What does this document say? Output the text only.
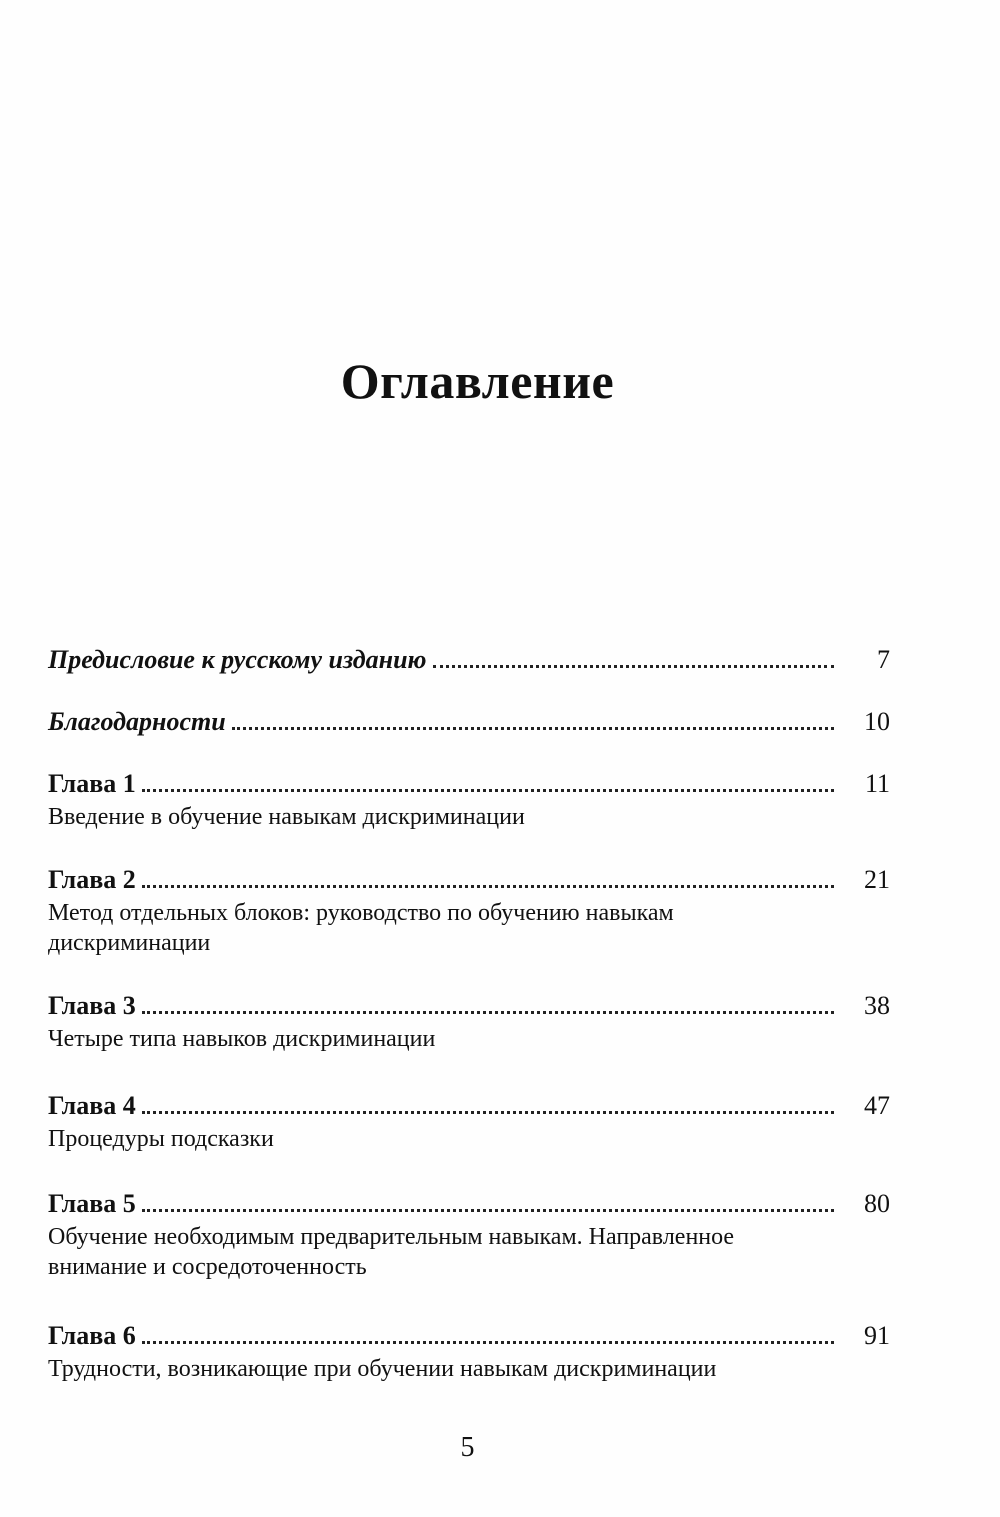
Оглавление
Предисловие к русскому изданию	7
Благодарности	10
Глава 1	11

Введение в обучение навыкам дискриминации

Глава 2	21

Метод отдельных блоков: руководство по обучению навыкам дискриминации

Глава 3	38

Четыре типа навыков дискриминации

Глава 4	47

Процедуры подсказки

Глава 5	80

Обучение необходимым предварительным навыкам. Направленное внимание и сосредоточенность

Глава 6	91

Трудности, возникающие при обучении навыкам дискриминации

5
